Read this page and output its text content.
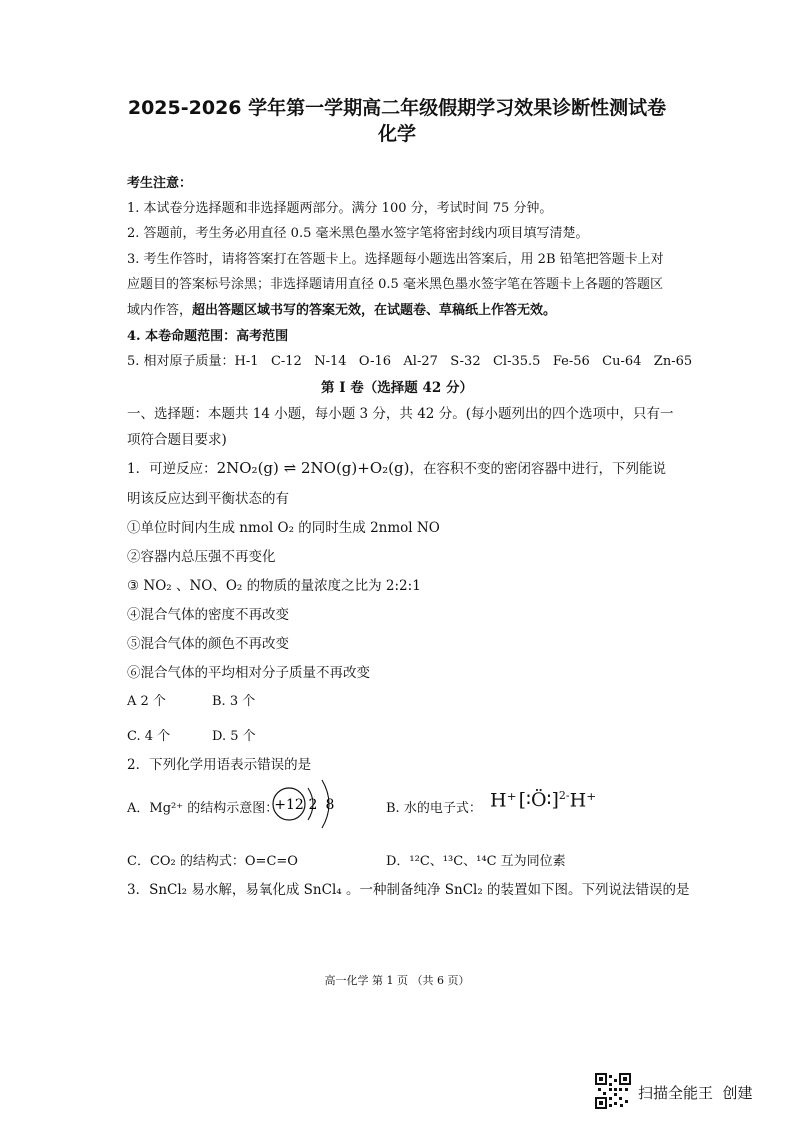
2025-2026 学年第一学期高二年级假期学习效果诊断性测试卷
化学
考生注意：
1. 本试卷分选择题和非选择题两部分。满分 100 分，考试时间 75 分钟。
2. 答题前，考生务必用直径 0.5 毫米黑色墨水签字笔将密封线内项目填写清楚。
3. 考生作答时，请将答案打在答题卡上。选择题每小题选出答案后，用 2B 铅笔把答题卡上对
应题目的答案标号涂黑；非选择题请用直径 0.5 毫米黑色墨水签字笔在答题卡上各题的答题区
域内作答，超出答题区域书写的答案无效，在试题卷、草稿纸上作答无效。
4. 本卷命题范围：高考范围
5. 相对原子质量：H-1   C-12   N-14   O-16   Al-27   S-32   Cl-35.5   Fe-56   Cu-64   Zn-65
第 Ⅰ 卷（选择题 42 分）
一、选择题：本题共 14 小题，每小题 3 分，共 42 分。(每小题列出的四个选项中，只有一
项符合题目要求)
1．可逆反应：2NO₂(g) ⇌ 2NO(g)+O₂(g)，在容积不变的密闭容器中进行，下列能说
明该反应达到平衡状态的有
①单位时间内生成 nmol O₂ 的同时生成 2nmol NO
②容器内总压强不再变化
③ NO₂ 、NO、O₂ 的物质的量浓度之比为 2:2:1
④混合气体的密度不再改变
⑤混合气体的颜色不再改变
⑥混合气体的平均相对分子质量不再改变
A 2 个	B. 3 个
C. 4 个	D. 5 个
2．下列化学用语表示错误的是
A．Mg²⁺ 的结构示意图：
+12 2 8	B. 水的电子式： H⁺ [∶Ö∶]$^{2-}$H⁺
C．CO₂ 的结构式：O=C=O	D．¹²C、¹³C、¹⁴C 互为同位素
3．SnCl₂ 易水解，易氧化成 SnCl₄ 。一种制备纯净 SnCl₂ 的装置如下图。下列说法错误的是
高一化学 第 1 页 （共 6 页）
扫描全能王  创建
